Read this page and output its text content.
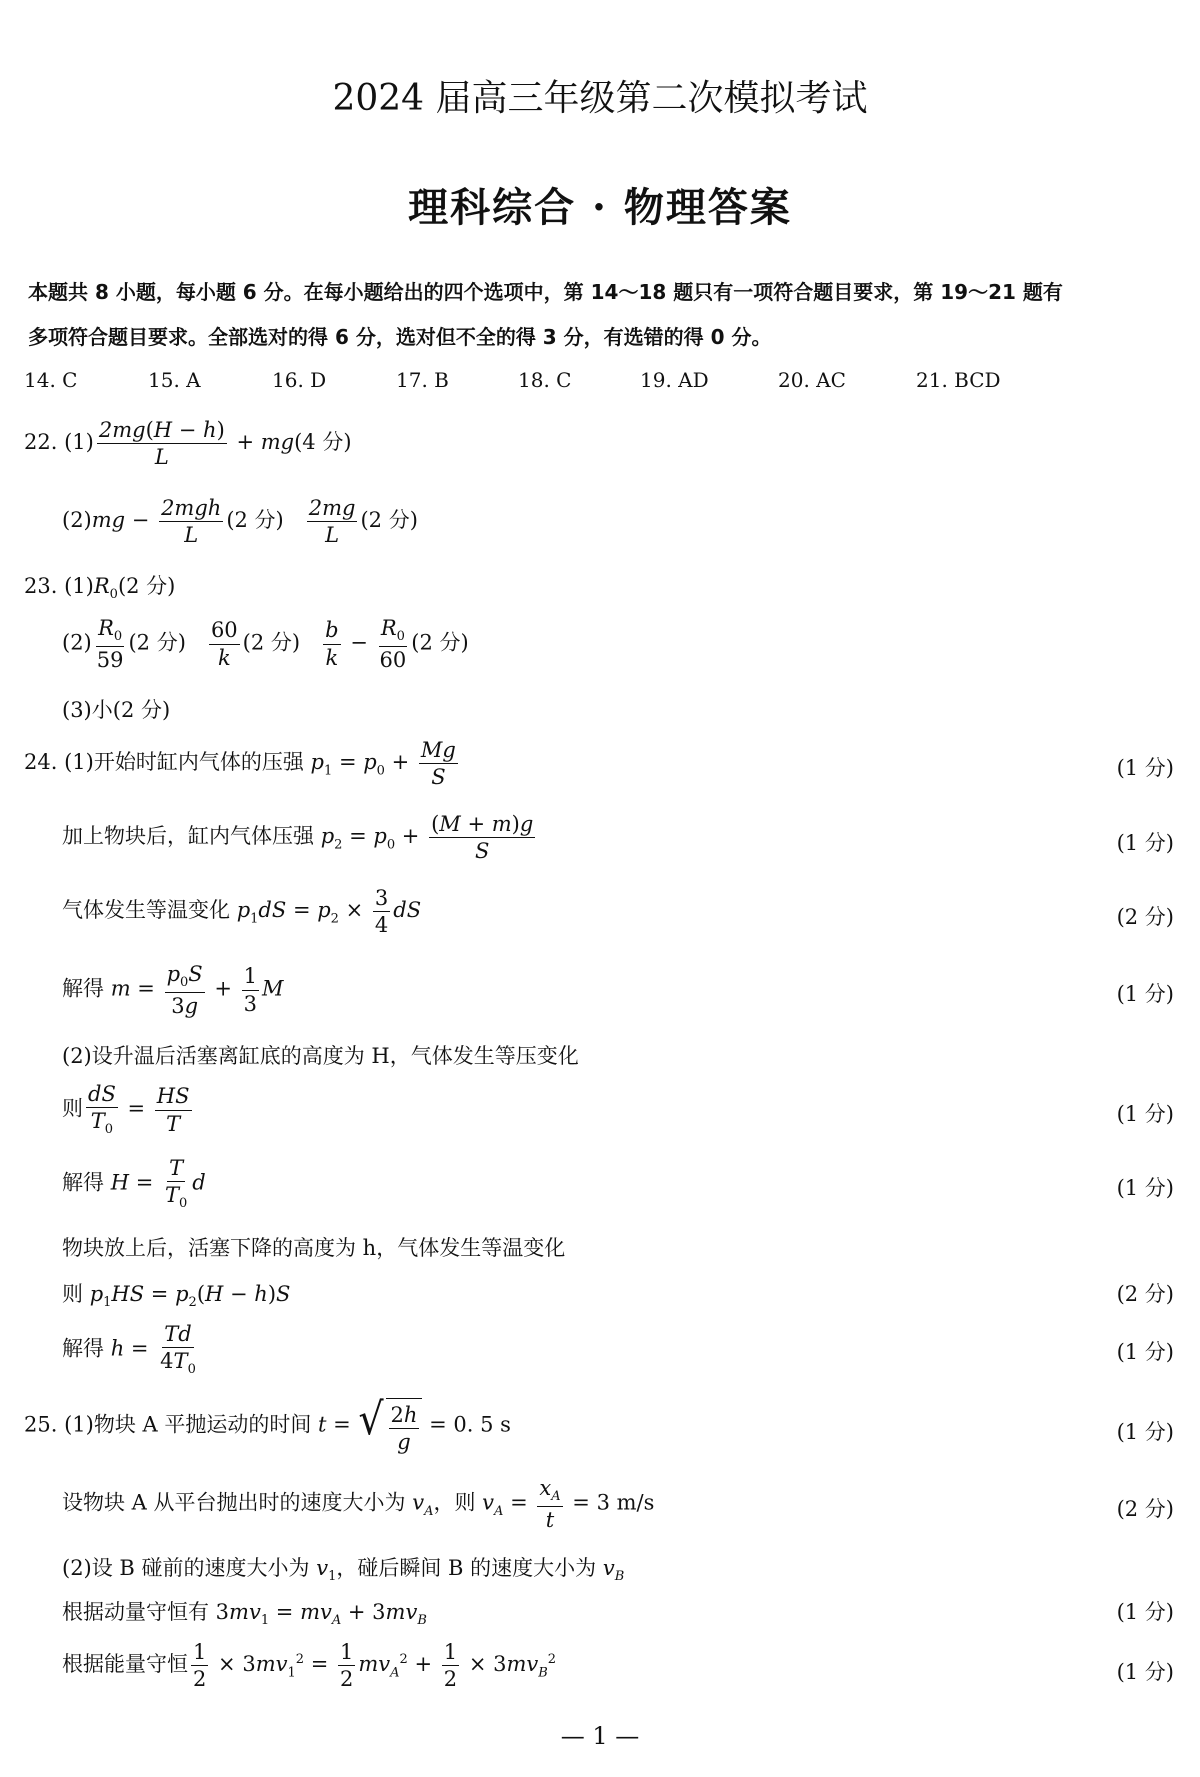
2024 届高三年级第二次模拟考试
理科综合 · 物理答案
本题共 8 小题，每小题 6 分。在每小题给出的四个选项中，第 14～18 题只有一项符合题目要求，第 19～21 题有
多项符合题目要求。全部选对的得 6 分，选对但不全的得 3 分，有选错的得 0 分。
14. C	15. A	16. D	17. B	18. C	19. AD	20. AC	21. BCD
22. $(1) \frac{2mg(H - h)}{L} + mg(4$ 分)
$(2)mg - \frac{\text{2mgh}}{L} (2$ 分) $\frac{2mg}{L} (2$ 分)
23. $(1)R_0(2$ 分)
$(2) \frac{R_0}{59} (2$ 分) $\frac{60}{k} (2$ 分) $\frac{b}{k} - \frac{R_0}{60} (2$ 分)
(3)小(2 分)
24. (1)开始时缸内气体的压强 $p_1 = p_0 + \frac{Mg}{S}$	(1 分)
加上物块后，缸内气体压强 $p_2 = p_0 + \frac{(M + m)g}{S}$	(1 分)
气体发生等温变化 $p_1dS = p_2 \times \frac{3}{4}$ dS	(2 分)
解得 $m = \frac{p_0S}{3g} + \frac{1}{3}$ M	(1 分)
(2)设升温后活塞离缸底的高度为 H，气体发生等压变化
则 $\frac{dS}{T_0} = \frac{HS}{T}$	(1 分)
解得 $H = \frac{T}{T_0}$ d	(1 分)
物块放上后，活塞下降的高度为 h，气体发生等温变化
则 $p_1HS = p_2(H - h)S$	(2 分)
解得 $h = \frac{Td}{4T_0}$	(1 分)
25. (1)物块 A 平抛运动的时间 t = √ $\frac{2h}{g} = 0$. 5 s	(1 分)
设物块 A 从平台抛出时的速度大小为 $v_A$，则 $v_A = \frac{x_A}{t} = 3$ m/s	(2 分)
(2)设 B 碰前的速度大小为 $v_1$，碰后瞬间 B 的速度大小为 $v_B$
根据动量守恒有 $3mv_1 = mv_A + 3mv_B$	(1 分)
根据能量守恒 $\frac{1}{2} \times 3mv_1^2 = \frac{1}{2} mv_A^2 + \frac{1}{2} \times 3mv_B^2$
(1 分)
— 1 —
